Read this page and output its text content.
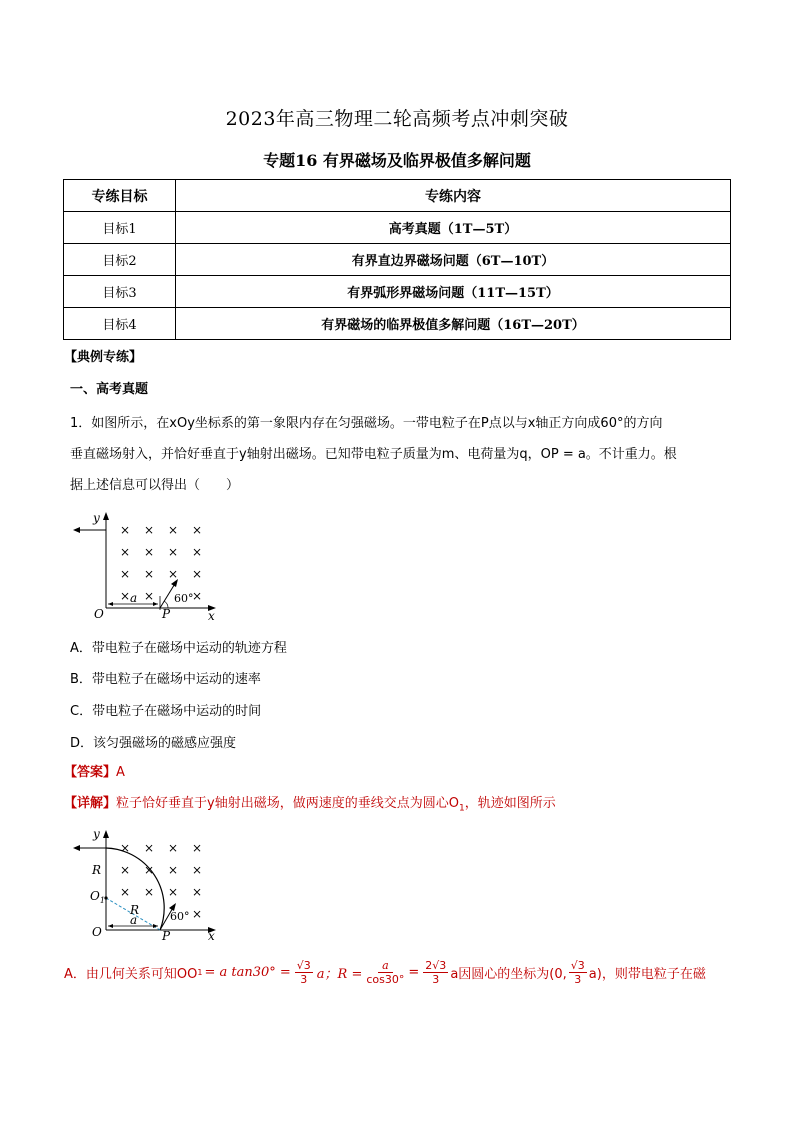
2023年高三物理二轮高频考点冲刺突破
专题16 有界磁场及临界极值多解问题
专练目标	专练内容
目标1	高考真题（1T—5T）
目标2	有界直边界磁场问题（6T—10T）
目标3	有界弧形界磁场问题（11T—15T）
目标4	有界磁场的临界极值多解问题（16T—20T）
【典例专练】
一、高考真题
1．如图所示，在xOy坐标系的第一象限内存在匀强磁场。一带电粒子在P点以与x轴正方向成60°的方向
垂直磁场射入，并恰好垂直于y轴射出磁场。已知带电粒子质量为m、电荷量为q，OP = a。不计重力。根
据上述信息可以得出（　　）
y
x
O
a
P
60°
× × × ×
× × × ×
× × × ×
× ×	×
A．带电粒子在磁场中运动的轨迹方程
B．带电粒子在磁场中运动的速率
C．带电粒子在磁场中运动的时间
D．该匀强磁场的磁感应强度
【答案】A
【详解】粒子恰好垂直于y轴射出磁场，做两速度的垂线交点为圆心$O_1$，轨迹如图所示
y
x
O
R
$O_1$
R
a
P
60°
× × × ×
× × × ×
× × × ×
×
A．由几何关系可知OO 1 = a $\tan 30^\circ = \frac{√3}{3}$ a；$R = \frac{a}{\cos 30^\circ} = \frac{2√3}{3}$ a因圆心的坐标为(0, $\frac{√3}{3} a$)，则带电粒子在磁
